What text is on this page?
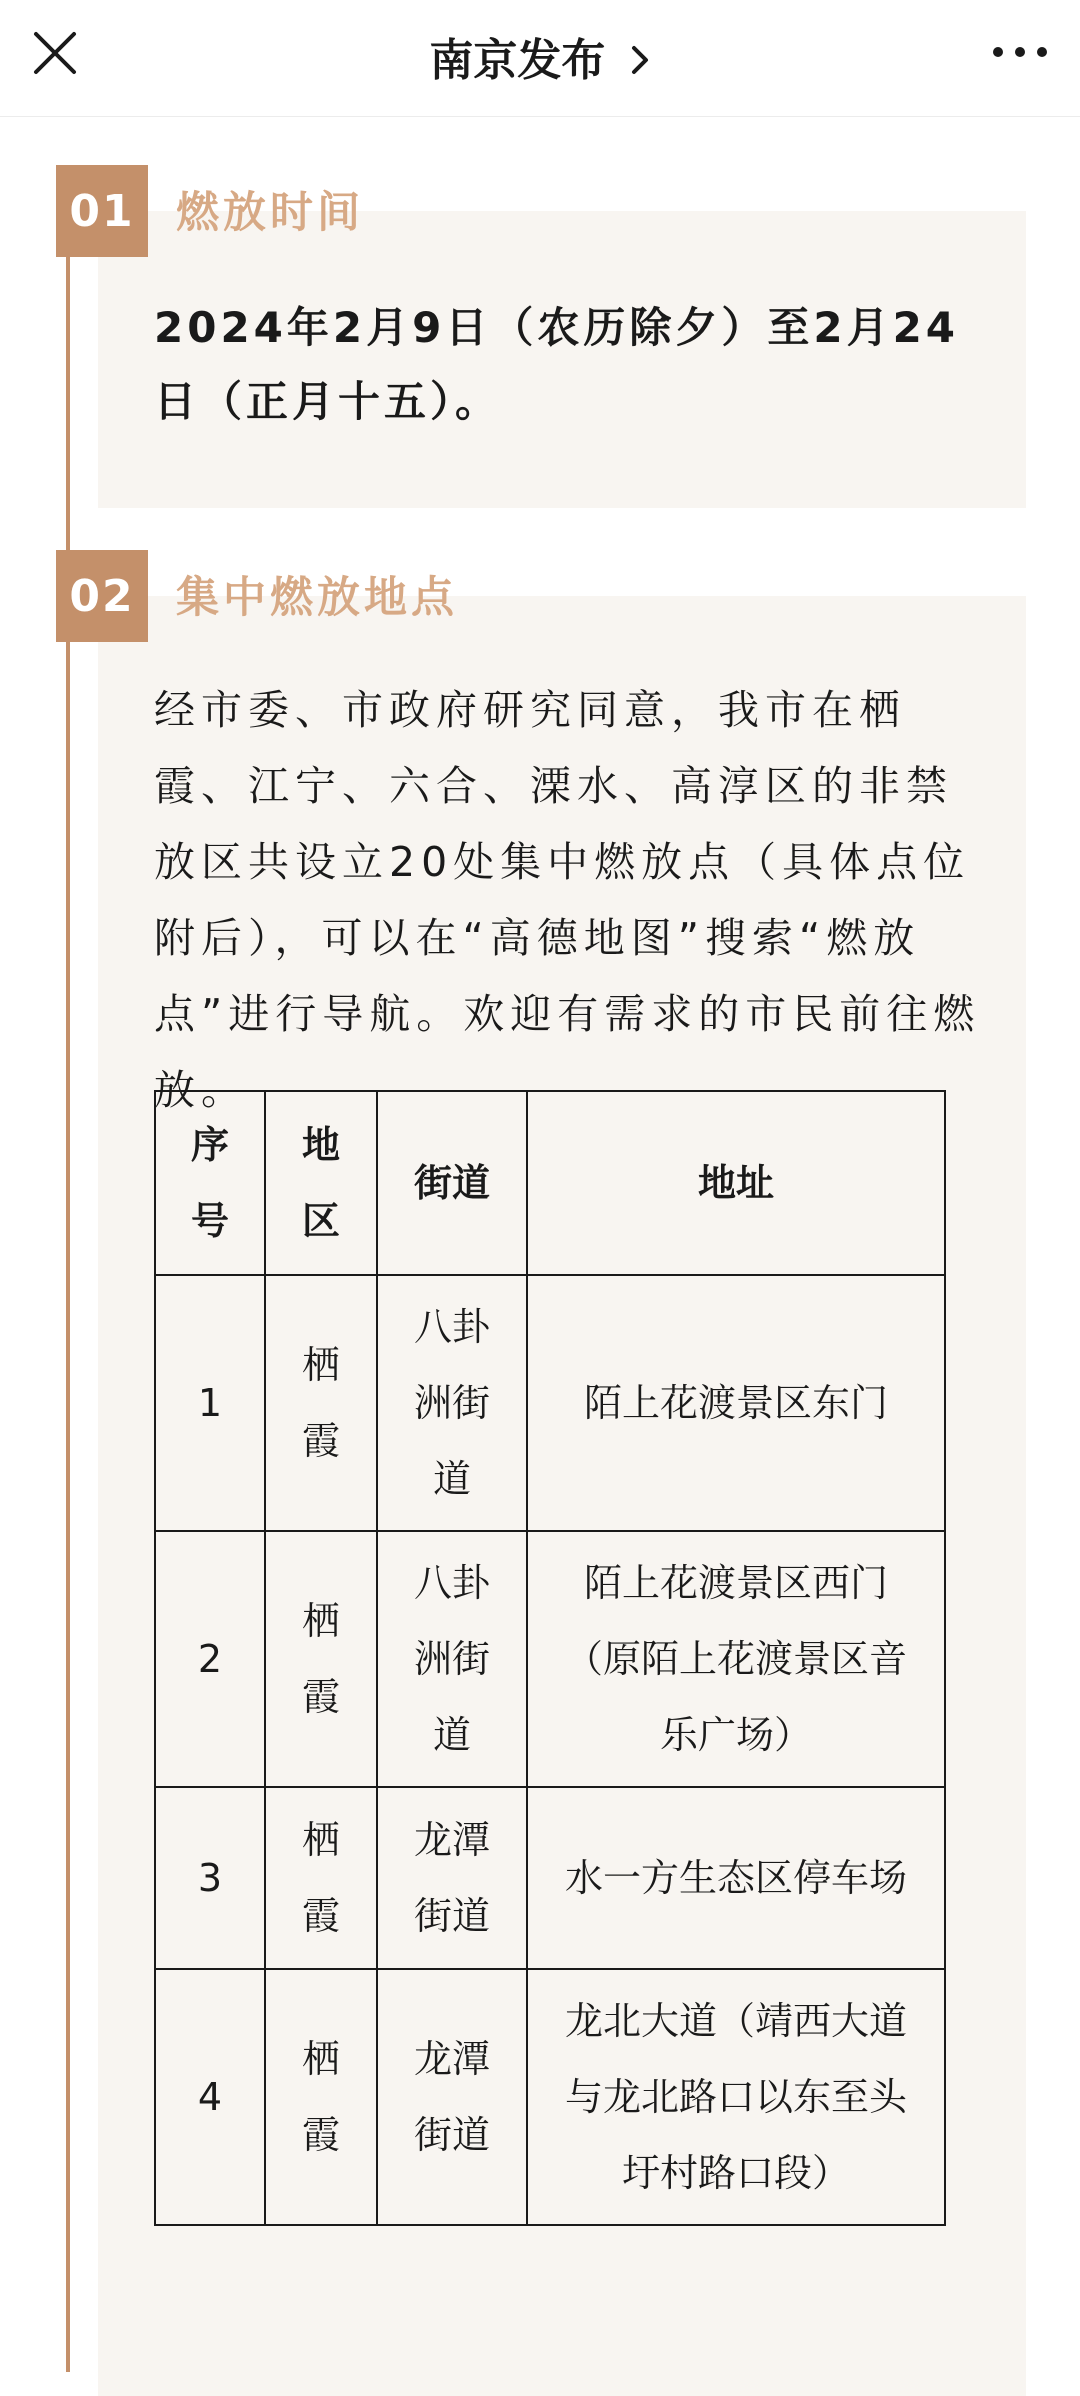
南京发布
2024年2月9日（农历除夕）至2月24日（正月十五）。
01 燃放时间
经市委、市政府研究同意，我市在栖霞、江宁、六合、溧水、高淳区的非禁放区共设立20处集中燃放点（具体点位附后），可以在“高德地图”搜索“燃放点”进行导航。欢迎有需求的市民前往燃放。
序号	地区	街道	地址
1	栖霞	八卦洲街道	陌上花渡景区东门
2	栖霞	八卦洲街道	陌上花渡景区西门（原陌上花渡景区音乐广场）
3	栖霞	龙潭街道	水一方生态区停车场
4	栖霞	龙潭街道	龙北大道（靖西大道与龙北路口以东至头圩村路口段）
02 集中燃放地点
